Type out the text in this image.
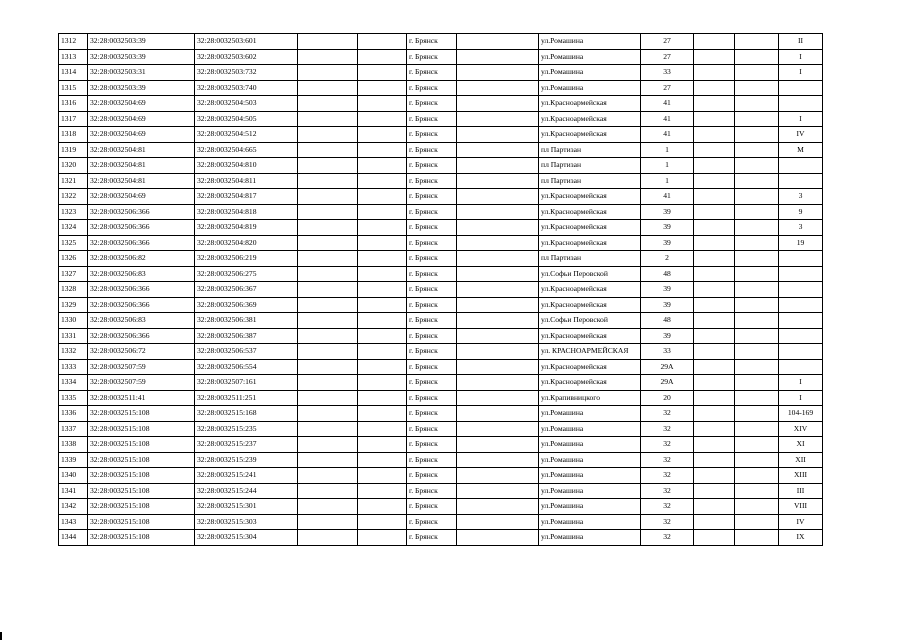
1312	32:28:0032503:39	32:28:0032503:601			г. Брянск		ул.Ромашина	27			II
1313	32:28:0032503:39	32:28:0032503:602			г. Брянск		ул.Ромашина	27			I
1314	32:28:0032503:31	32:28:0032503:732			г. Брянск		ул.Ромашина	33			I
1315	32:28:0032503:39	32:28:0032503:740			г. Брянск		ул.Ромашина	27			
1316	32:28:0032504:69	32:28:0032504:503			г. Брянск		ул.Красноармейская	41			
1317	32:28:0032504:69	32:28:0032504:505			г. Брянск		ул.Красноармейская	41			I
1318	32:28:0032504:69	32:28:0032504:512			г. Брянск		ул.Красноармейская	41			IV
1319	32:28:0032504:81	32:28:0032504:665			г. Брянск		пл Партизан	1			М
1320	32:28:0032504:81	32:28:0032504:810			г. Брянск		пл Партизан	1			
1321	32:28:0032504:81	32:28:0032504:811			г. Брянск		пл Партизан	1			
1322	32:28:0032504:69	32:28:0032504:817			г. Брянск		ул.Красноармейская	41			3
1323	32:28:0032506:366	32:28:0032504:818			г. Брянск		ул.Красноармейская	39			9
1324	32:28:0032506:366	32:28:0032504:819			г. Брянск		ул.Красноармейская	39			3
1325	32:28:0032506:366	32:28:0032504:820			г. Брянск		ул.Красноармейская	39			19
1326	32:28:0032506:82	32:28:0032506:219			г. Брянск		пл Партизан	2			
1327	32:28:0032506:83	32:28:0032506:275			г. Брянск		ул.Софьи Перовской	48			
1328	32:28:0032506:366	32:28:0032506:367			г. Брянск		ул.Красноармейская	39			
1329	32:28:0032506:366	32:28:0032506:369			г. Брянск		ул.Красноармейская	39			
1330	32:28:0032506:83	32:28:0032506:381			г. Брянск		ул.Софьи Перовской	48			
1331	32:28:0032506:366	32:28:0032506:387			г. Брянск		ул.Красноармейская	39			
1332	32:28:0032506:72	32:28:0032506:537			г. Брянск		ул. КРАСНОАРМЕЙСКАЯ	33			
1333	32:28:0032507:59	32:28:0032506:554			г. Брянск		ул.Красноармейская	29А			
1334	32:28:0032507:59	32:28:0032507:161			г. Брянск		ул.Красноармейская	29А			I
1335	32:28:0032511:41	32:28:0032511:251			г. Брянск		ул.Крапивницкого	20			I
1336	32:28:0032515:108	32:28:0032515:168			г. Брянск		ул.Ромашина	32			104-169
1337	32:28:0032515:108	32:28:0032515:235			г. Брянск		ул.Ромашина	32			XIV
1338	32:28:0032515:108	32:28:0032515:237			г. Брянск		ул.Ромашина	32			XI
1339	32:28:0032515:108	32:28:0032515:239			г. Брянск		ул.Ромашина	32			XII
1340	32:28:0032515:108	32:28:0032515:241			г. Брянск		ул.Ромашина	32			XIII
1341	32:28:0032515:108	32:28:0032515:244			г. Брянск		ул.Ромашина	32			III
1342	32:28:0032515:108	32:28:0032515:301			г. Брянск		ул.Ромашина	32			VIII
1343	32:28:0032515:108	32:28:0032515:303			г. Брянск		ул.Ромашина	32			IV
1344	32:28:0032515:108	32:28:0032515:304			г. Брянск		ул.Ромашина	32			IX
